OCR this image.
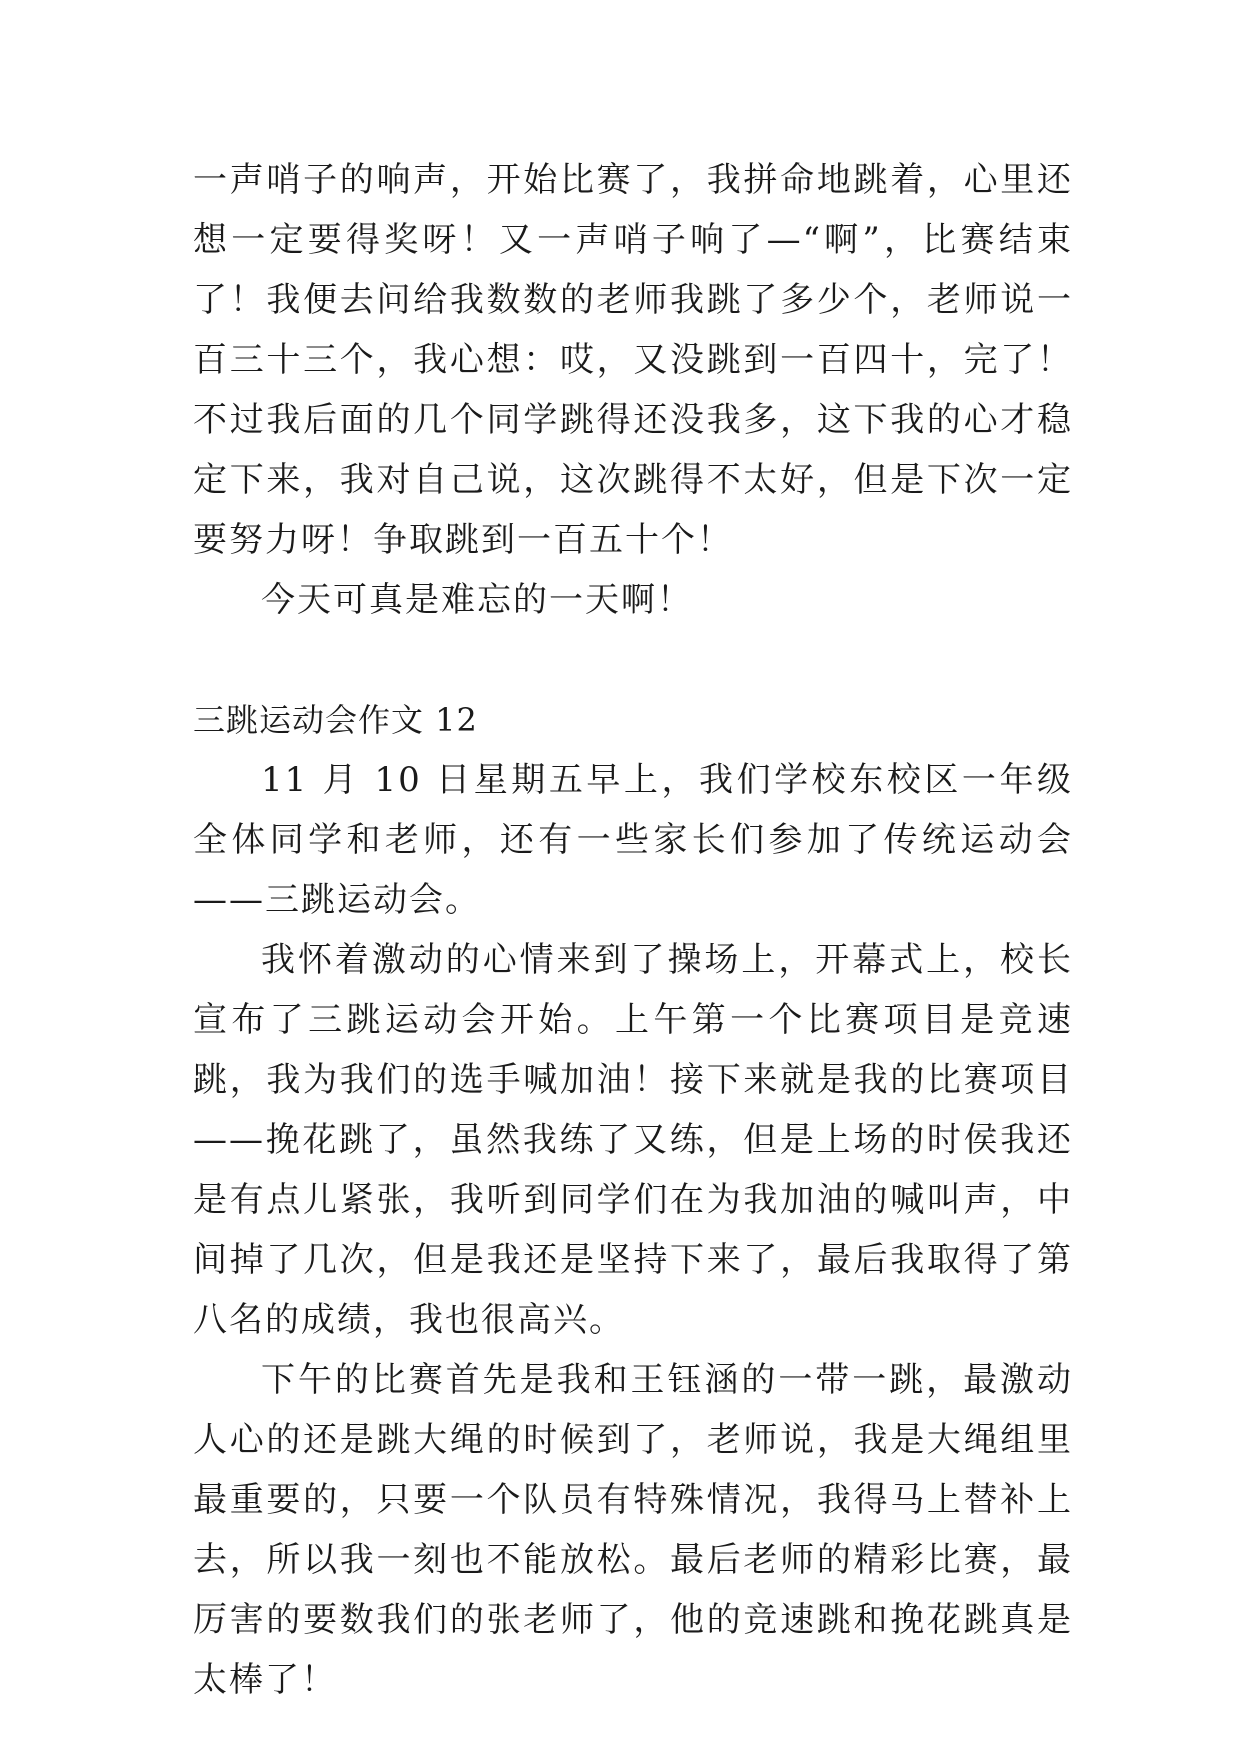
一声哨子的响声，开始比赛了，我拼命地跳着，心里还想一定要得奖呀！又一声哨子响了—“啊”，比赛结束了！我便去问给我数数的老师我跳了多少个，老师说一百三十三个，我心想：哎，又没跳到一百四十，完了！不过我后面的几个同学跳得还没我多，这下我的心才稳定下来，我对自己说，这次跳得不太好，但是下次一定要努力呀！争取跳到一百五十个！

今天可真是难忘的一天啊！

三跳运动会作文 12

11 月 10 日星期五早上，我们学校东校区一年级全体同学和老师，还有一些家长们参加了传统运动会——三跳运动会。

我怀着激动的心情来到了操场上，开幕式上，校长宣布了三跳运动会开始。上午第一个比赛项目是竞速跳，我为我们的选手喊加油！接下来就是我的比赛项目——挽花跳了，虽然我练了又练，但是上场的时侯我还是有点儿紧张，我听到同学们在为我加油的喊叫声，中间掉了几次，但是我还是坚持下来了，最后我取得了第八名的成绩，我也很高兴。

下午的比赛首先是我和王钰涵的一带一跳，最激动人心的还是跳大绳的时候到了，老师说，我是大绳组里最重要的，只要一个队员有特殊情况，我得马上替补上去，所以我一刻也不能放松。最后老师的精彩比赛，最厉害的要数我们的张老师了，他的竞速跳和挽花跳真是太棒了！
